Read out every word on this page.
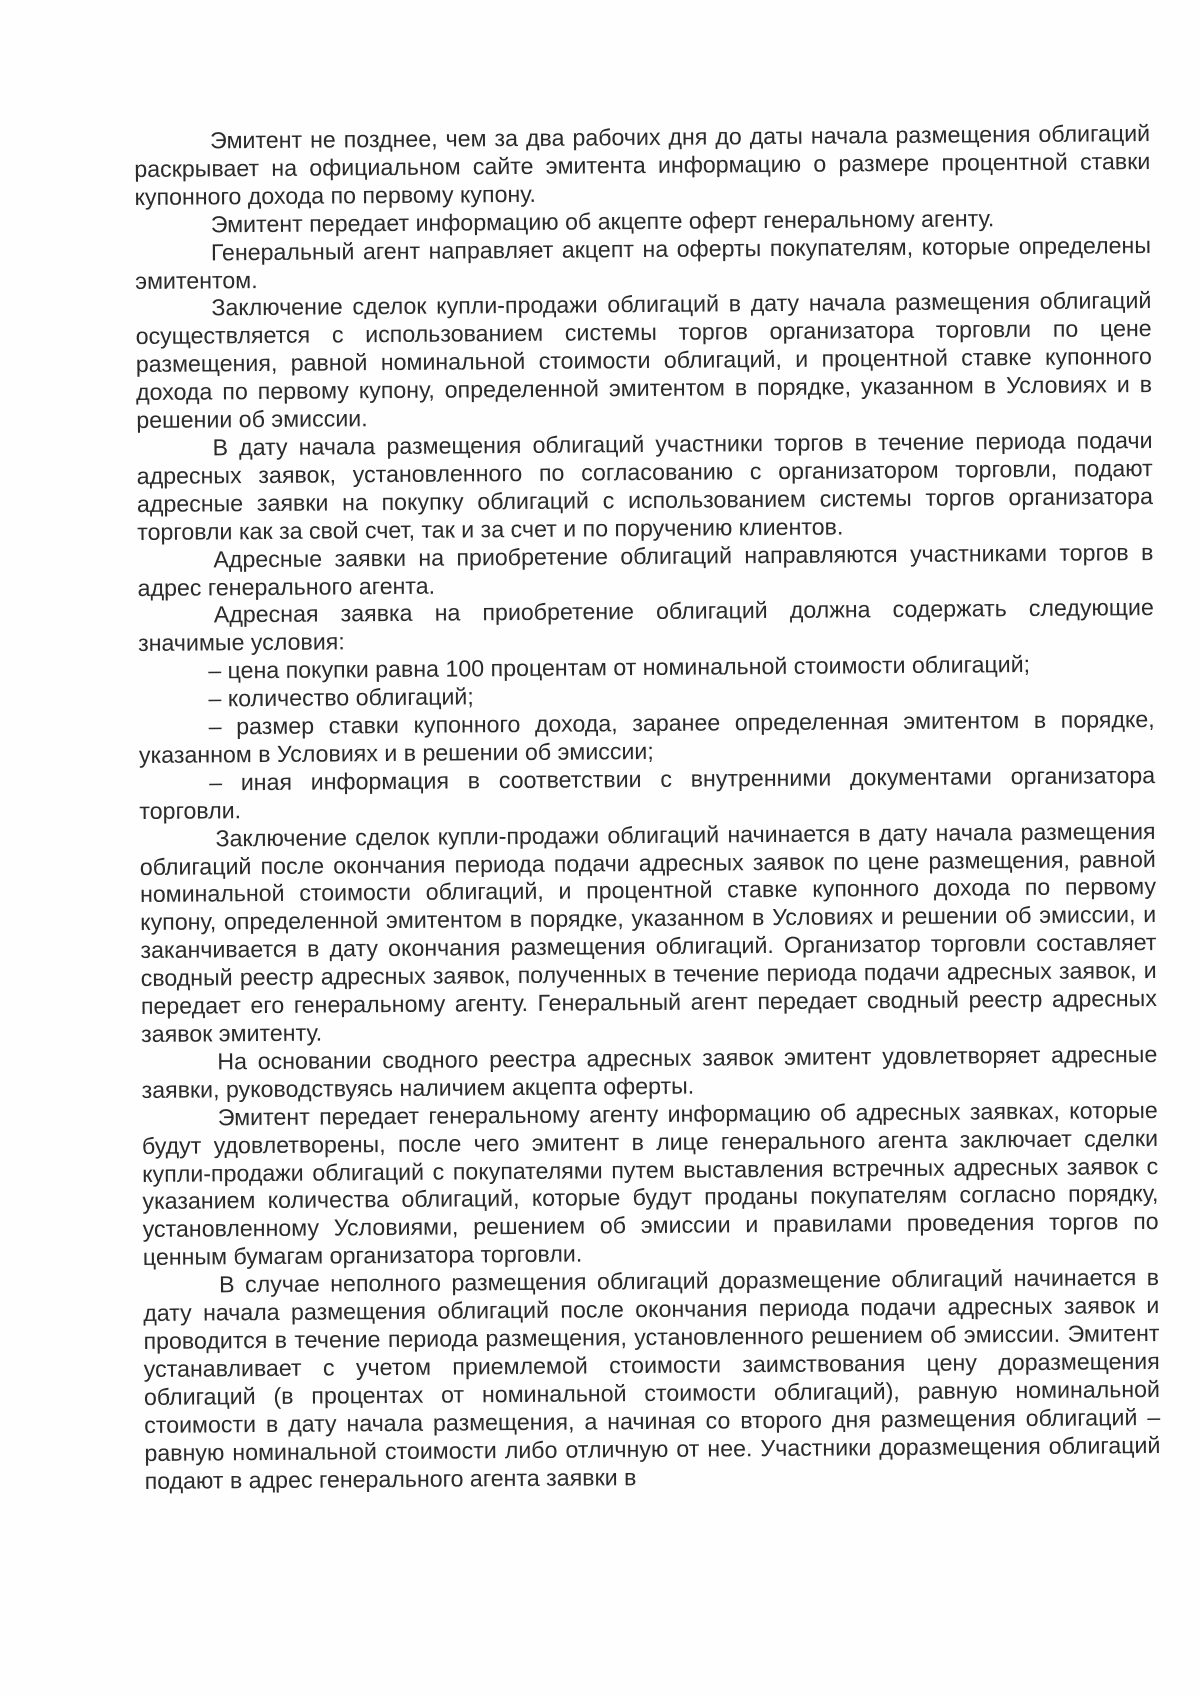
Эмитент не позднее, чем за два рабочих дня до даты начала размещения облигаций раскрывает на официальном сайте эмитента информацию о размере процентной ставки купонного дохода по первому купону.

Эмитент передает информацию об акцепте оферт генеральному агенту.

Генеральный агент направляет акцепт на оферты покупателям, которые определены эмитентом.

Заключение сделок купли-продажи облигаций в дату начала размещения облигаций осуществляется с использованием системы торгов организатора торговли по цене размещения, равной номинальной стоимости облигаций, и процентной ставке купонного дохода по первому купону, определенной эмитентом в порядке, указанном в Условиях и в решении об эмиссии.

В дату начала размещения облигаций участники торгов в течение периода подачи адресных заявок, установленного по согласованию с организатором торговли, подают адресные заявки на покупку облигаций с использованием системы торгов организатора торговли как за свой счет, так и за счет и по поручению клиентов.

Адресные заявки на приобретение облигаций направляются участниками торгов в адрес генерального агента.

Адресная заявка на приобретение облигаций должна содержать следующие значимые условия:

– цена покупки равна 100 процентам от номинальной стоимости облигаций;

– количество облигаций;

– размер ставки купонного дохода, заранее определенная эмитентом в порядке, указанном в Условиях и в решении об эмиссии;

– иная информация в соответствии с внутренними документами организатора торговли.

Заключение сделок купли-продажи облигаций начинается в дату начала размещения облигаций после окончания периода подачи адресных заявок по цене размещения, равной номинальной стоимости облигаций, и процентной ставке купонного дохода по первому купону, определенной эмитентом в порядке, указанном в Условиях и решении об эмиссии, и заканчивается в дату окончания размещения облигаций. Организатор торговли составляет сводный реестр адресных заявок, полученных в течение периода подачи адресных заявок, и передает его генеральному агенту. Генеральный агент передает сводный реестр адресных заявок эмитенту.

На основании сводного реестра адресных заявок эмитент удовлетворяет адресные заявки, руководствуясь наличием акцепта оферты.

Эмитент передает генеральному агенту информацию об адресных заявках, которые будут удовлетворены, после чего эмитент в лице генерального агента заключает сделки купли-продажи облигаций с покупателями путем выставления встречных адресных заявок с указанием количества облигаций, которые будут проданы покупателям согласно порядку, установленному Условиями, решением об эмиссии и правилами проведения торгов по ценным бумагам организатора торговли.

В случае неполного размещения облигаций доразмещение облигаций начинается в дату начала размещения облигаций после окончания периода подачи адресных заявок и проводится в течение периода размещения, установленного решением об эмиссии. Эмитент устанавливает с учетом приемлемой стоимости заимствования цену доразмещения облигаций (в процентах от номинальной стоимости облигаций), равную номинальной стоимости в дату начала размещения, а начиная со второго дня размещения облигаций – равную номинальной стоимости либо отличную от нее. Участники доразмещения облигаций подают в адрес генерального агента заявки в
